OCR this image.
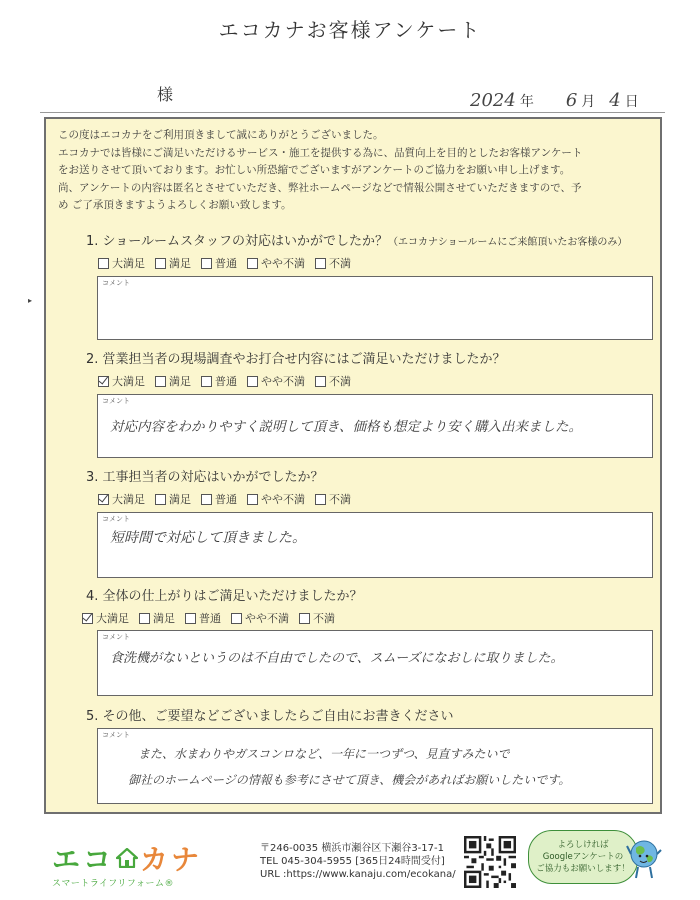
エコカナお客様アンケート
様	2024 年 6 月 4 日
▸
この度はエコカナをご利用頂きまして誠にありがとうございました。
エコカナでは皆様にご満足いただけるサービス・施工を提供する為に、品質向上を目的としたお客様アンケート
をお送りさせて頂いております。お忙しい所恐縮でございますがアンケートのご協力をお願い申し上げます。
尚、アンケートの内容は匿名とさせていただき、弊社ホームページなどで情報公開させていただきますので、予
め ご了承頂きますようよろしくお願い致します。
1. ショールームスタッフの対応はいかがでしたか？（エコカナショールームにご来館頂いたお客様のみ）
大満足 満足 普通 やや不満 不満
コメント
2. 営業担当者の現場調査やお打合せ内容にはご満足いただけましたか？
大満足 満足 普通 やや不満 不満
コメント
対応内容をわかりやすく説明して頂き、価格も想定より安く購入出来ました。
3. 工事担当者の対応はいかがでしたか？
大満足 満足 普通 やや不満 不満
コメント
短時間で対応して頂きました。
4. 全体の仕上がりはご満足いただけましたか？
大満足 満足 普通 やや不満 不満
コメント
食洗機がないというのは不自由でしたので、スムーズになおしに取りました。
5. その他、ご要望などございましたらご自由にお書きください
コメント
また、水まわりやガスコンロなど、一年に一つずつ、見直すみたいで
御社のホームページの情報も参考にさせて頂き、機会があればお願いしたいです。
エコ カナ
スマートライフリフォーム®
〒246-0035 横浜市瀬谷区下瀬谷3-17-1
TEL 045-304-5955 [365日24時間受付]
URL :https://www.kanaju.com/ecokana/
よろしければ
Googleアンケートの
ご協力もお願いします！
